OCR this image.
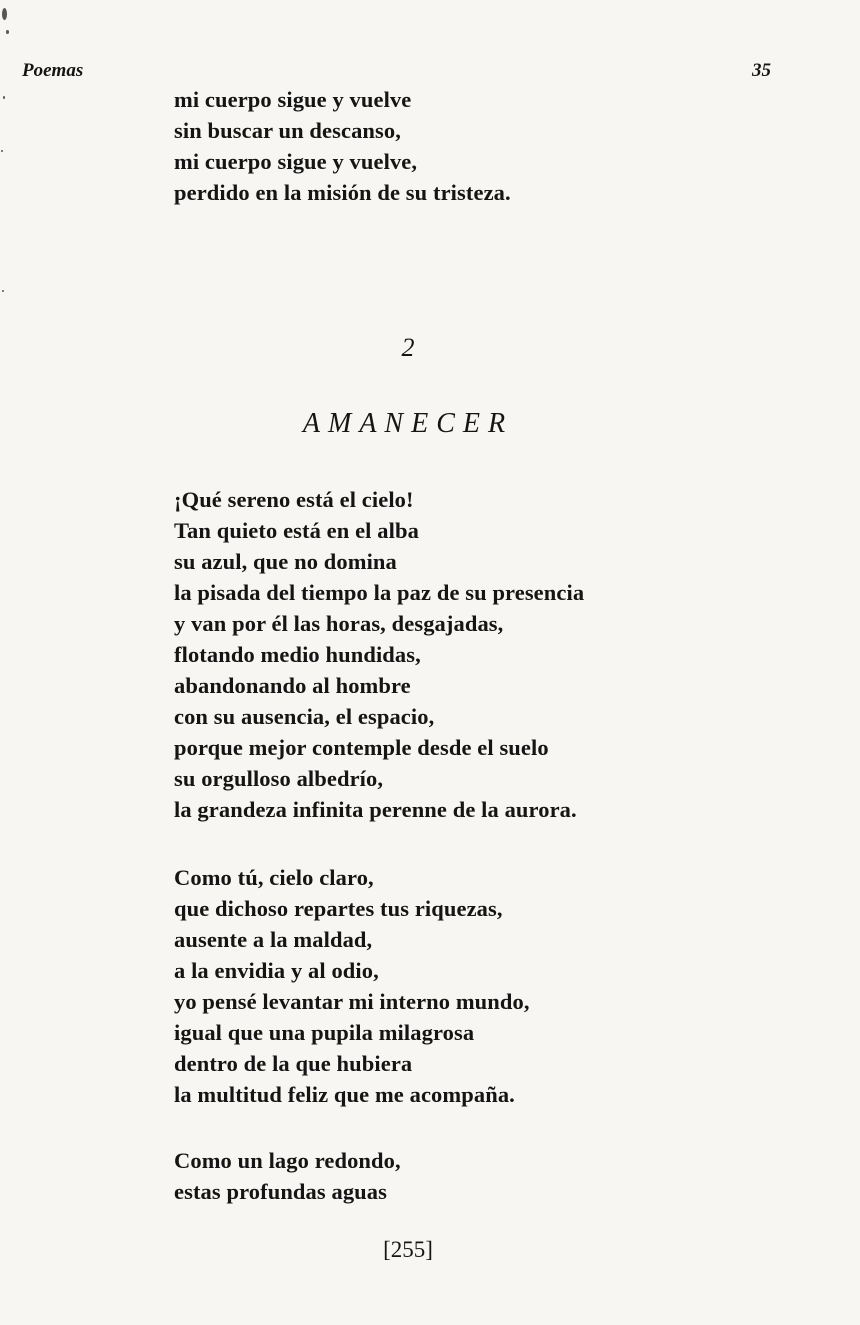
Poemas	35
mi cuerpo sigue y vuelve
sin buscar un descanso,
mi cuerpo sigue y vuelve,
perdido en la misión de su tristeza.
2
AMANECER
¡Qué sereno está el cielo!
Tan quieto está en el alba
su azul, que no domina
la pisada del tiempo la paz de su presencia
y van por él las horas, desgajadas,
flotando medio hundidas,
abandonando al hombre
con su ausencia, el espacio,
porque mejor contemple desde el suelo
su orgulloso albedrío,
la grandeza infinita perenne de la aurora.
Como tú, cielo claro,
que dichoso repartes tus riquezas,
ausente a la maldad,
a la envidia y al odio,
yo pensé levantar mi interno mundo,
igual que una pupila milagrosa
dentro de la que hubiera
la multitud feliz que me acompaña.
Como un lago redondo,
estas profundas aguas
[255]
